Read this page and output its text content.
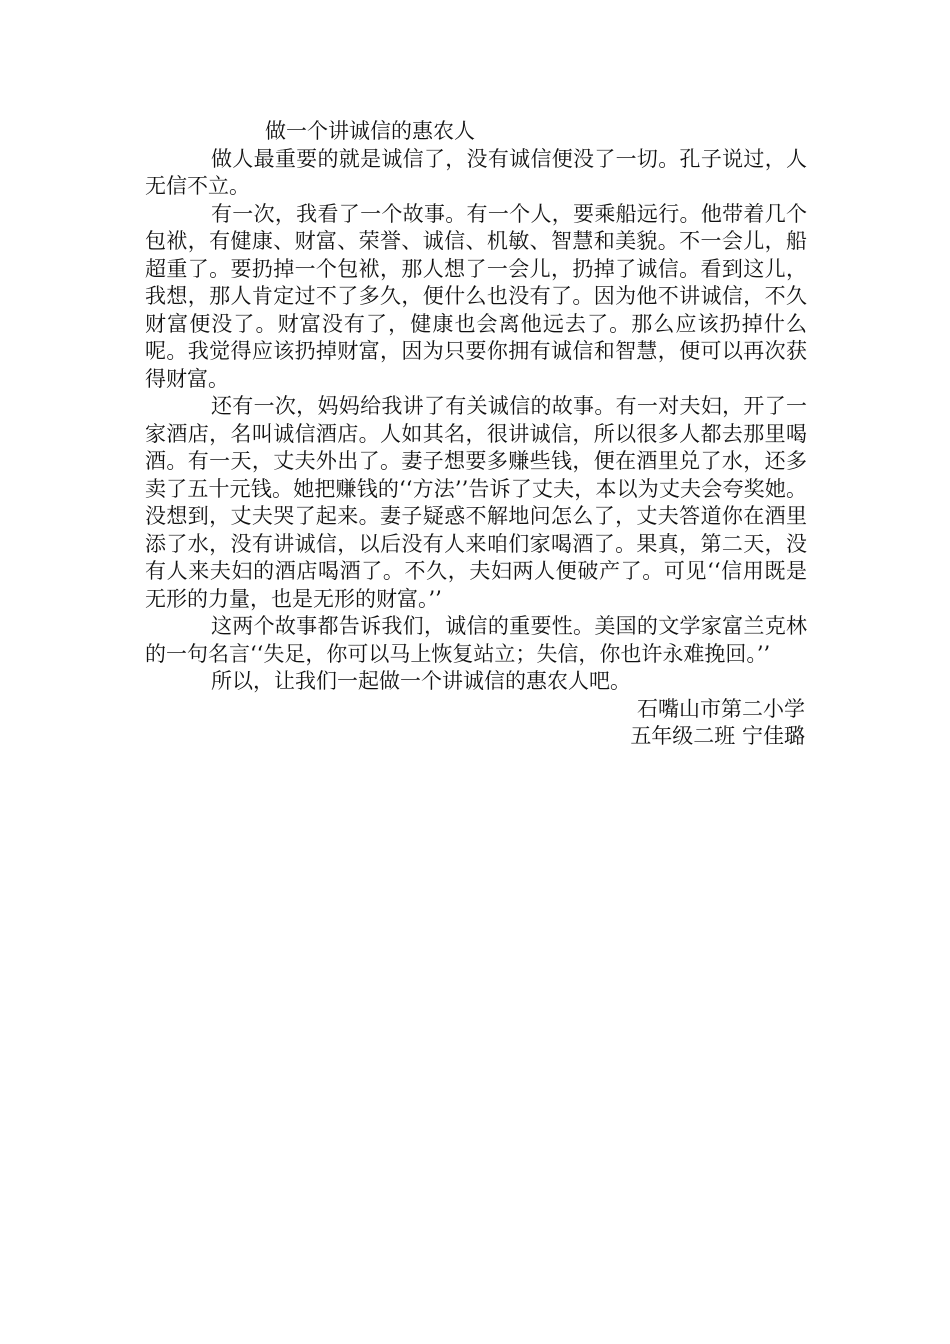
做一个讲诚信的惠农人

做人最重要的就是诚信了，没有诚信便没了一切。孔子说过，人无信不立。

有一次，我看了一个故事。有一个人，要乘船远行。他带着几个包袱，有健康、财富、荣誉、诚信、机敏、智慧和美貌。不一会儿，船超重了。要扔掉一个包袱，那人想了一会儿，扔掉了诚信。看到这儿，我想，那人肯定过不了多久，便什么也没有了。因为他不讲诚信，不久财富便没了。财富没有了，健康也会离他远去了。那么应该扔掉什么呢。我觉得应该扔掉财富，因为只要你拥有诚信和智慧，便可以再次获得财富。

还有一次，妈妈给我讲了有关诚信的故事。有一对夫妇，开了一家酒店，名叫诚信酒店。人如其名，很讲诚信，所以很多人都去那里喝酒。有一天，丈夫外出了。妻子想要多赚些钱，便在酒里兑了水，还多卖了五十元钱。她把赚钱的‘‘方法’’告诉了丈夫，本以为丈夫会夸奖她。没想到，丈夫哭了起来。妻子疑惑不解地问怎么了，丈夫答道你在酒里添了水，没有讲诚信，以后没有人来咱们家喝酒了。果真，第二天，没有人来夫妇的酒店喝酒了。不久，夫妇两人便破产了。可见‘‘信用既是无形的力量，也是无形的财富。’’

这两个故事都告诉我们，诚信的重要性。美国的文学家富兰克林的一句名言‘‘失足，你可以马上恢复站立；失信，你也许永难挽回。’’

所以，让我们一起做一个讲诚信的惠农人吧。

石嘴山市第二小学

五年级二班 宁佳璐
